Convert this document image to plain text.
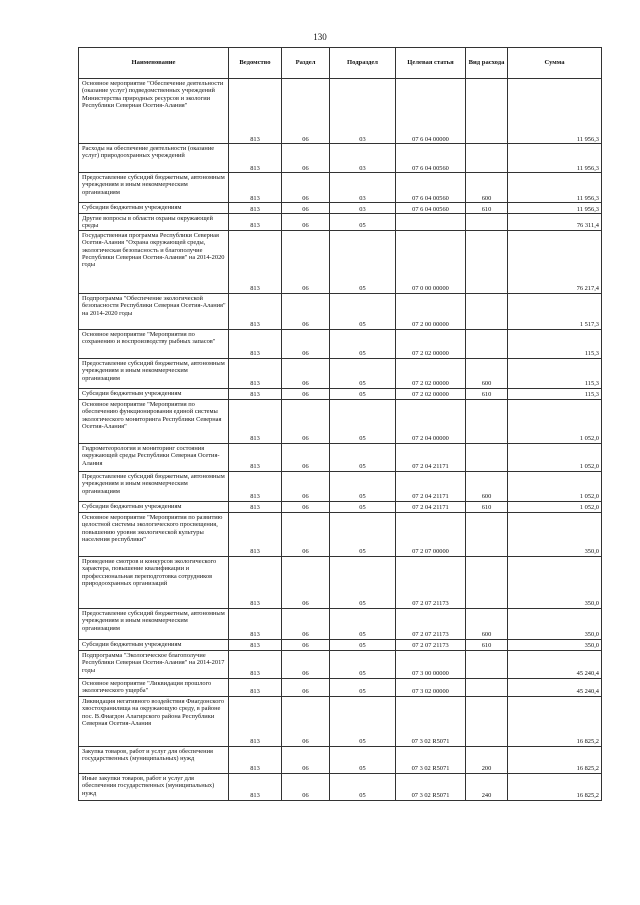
130
Наименование	Ведомство	Раздел	Подраздел	Целевая статья	Вид расхода	Сумма
Основное мероприятие "Обеспечение деятельности (оказание услуг) подведомственных учреждений Министерства природных ресурсов и экологии Республики Северная Осетия-Алания"	813	06	03	07 6 04 00000		11 956,3
Расходы на обеспечение деятельности (оказание услуг) природоохранных учреждений	813	06	03	07 6 04 00560		11 956,3
Предоставление субсидий бюджетным, автономным учреждениям и иным некоммерческим организациям	813	06	03	07 6 04 00560	600	11 956,3
Субсидии бюджетным учреждениям	813	06	03	07 6 04 00560	610	11 956,3
Другие вопросы в области охраны окружающей среды	813	06	05			76 311,4
Государственная программа Республики Северная Осетия-Алания "Охрана окружающей среды, экологическая безопасность и благополучие Республики Северная Осетия-Алания" на 2014-2020 годы	813	06	05	07 0 00 00000		76 217,4
Подпрограмма "Обеспечение экологической безопасности Республики Северная Осетия-Алания" на 2014-2020 годы	813	06	05	07 2 00 00000		1 517,3
Основное мероприятие "Мероприятия по сохранению и воспроизводству рыбных запасов"	813	06	05	07 2 02 00000		115,3
Предоставление субсидий бюджетным, автономным учреждениям и иным некоммерческим организациям	813	06	05	07 2 02 00000	600	115,3
Субсидии бюджетным учреждениям	813	06	05	07 2 02 00000	610	115,3
Основное мероприятие "Мероприятия по обеспечению функционирования единой системы экологического мониторинга Республики Северная Осетия-Алания"	813	06	05	07 2 04 00000		1 052,0
Гидрометеорология и мониторинг состояния окружающей среды Республики Северная Осетия-Алания	813	06	05	07 2 04 21171		1 052,0
Предоставление субсидий бюджетным, автономным учреждениям и иным некоммерческим организациям	813	06	05	07 2 04 21171	600	1 052,0
Субсидии бюджетным учреждениям	813	06	05	07 2 04 21171	610	1 052,0
Основное мероприятие "Мероприятия по развитию целостной системы экологического просвещения, повышению уровня экологической культуры населения республики"	813	06	05	07 2 07 00000		350,0
Проведение смотров и конкурсов экологического характера, повышение квалификации и профессиональная переподготовка сотрудников природоохранных организаций	813	06	05	07 2 07 21173		350,0
Предоставление субсидий бюджетным, автономным учреждениям и иным некоммерческим организациям	813	06	05	07 2 07 21173	600	350,0
Субсидии бюджетным учреждениям	813	06	05	07 2 07 21173	610	350,0
Подпрограмма "Экологическое благополучие Республики Северная Осетия-Алания" на 2014-2017 годы	813	06	05	07 3 00 00000		45 240,4
Основное мероприятие "Ликвидация прошлого экологического ущерба"	813	06	05	07 3 02 00000		45 240,4
Ликвидация негативного воздействия Фиагдонского хвостохранилища на окружающую среду, в районе пос. В.Фиагдон Алагирского района Республики Северная Осетия-Алания	813	06	05	07 3 02 R5071		16 825,2
Закупка товаров, работ и услуг для обеспечения государственных (муниципальных) нужд	813	06	05	07 3 02 R5071	200	16 825,2
Иные закупки товаров, работ и услуг для обеспечения государственных (муниципальных) нужд	813	06	05	07 3 02 R5071	240	16 825,2
